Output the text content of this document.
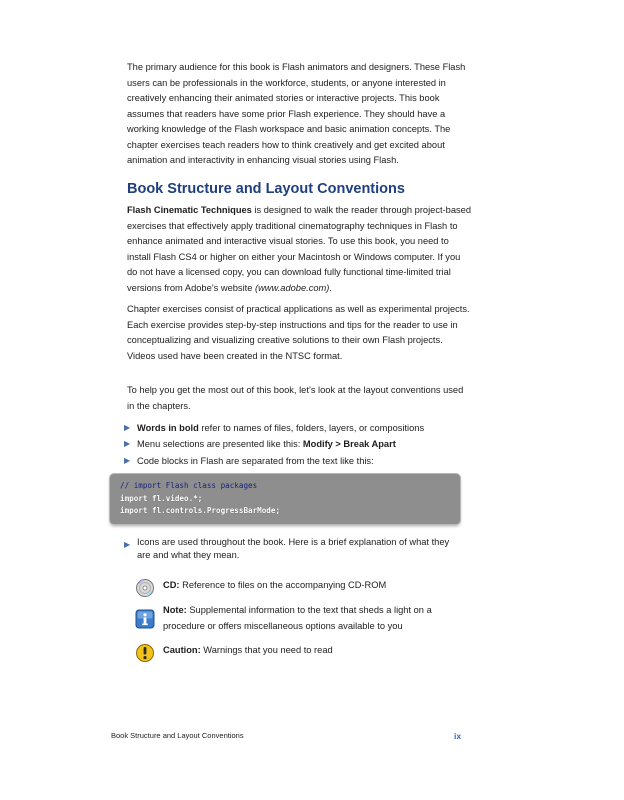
The primary audience for this book is Flash animators and designers. These Flash users can be professionals in the workforce, students, or anyone interested in creatively enhancing their animated stories or interactive projects. This book assumes that readers have some prior Flash experience. They should have a working knowledge of the Flash workspace and basic animation concepts. The chapter exercises teach readers how to think creatively and get excited about animation and interactivity in enhancing visual stories using Flash.

Book Structure and Layout Conventions

Flash Cinematic Techniques is designed to walk the reader through project-based exercises that effectively apply traditional cinematography techniques in Flash to enhance animated and interactive visual stories. To use this book, you need to install Flash CS4 or higher on either your Macintosh or Windows computer. If you do not have a licensed copy, you can download fully functional time-limited trial versions from Adobe’s website (www.adobe.com).

Chapter exercises consist of practical applications as well as experimental projects. Each exercise provides step-by-step instructions and tips for the reader to use in conceptualizing and visualizing creative solutions to their own Flash projects. Videos used have been created in the NTSC format.

To help you get the most out of this book, let’s look at the layout conventions used in the chapters.

▶ Words in bold refer to names of files, folders, layers, or compositions
▶ Menu selections are presented like this: Modify > Break Apart
▶ Code blocks in Flash are separated from the text like this:
// import Flash class packages
import fl.video.*;
import fl.controls.ProgressBarMode;
▶ Icons are used throughout the book. Here is a brief explanation of what they are and what they mean.
CD: Reference to files on the accompanying CD-ROM
Note: Supplemental information to the text that sheds a light on a procedure or offers miscellaneous options available to you
Caution: Warnings that you need to read
Book Structure and Layout Conventions	ix
